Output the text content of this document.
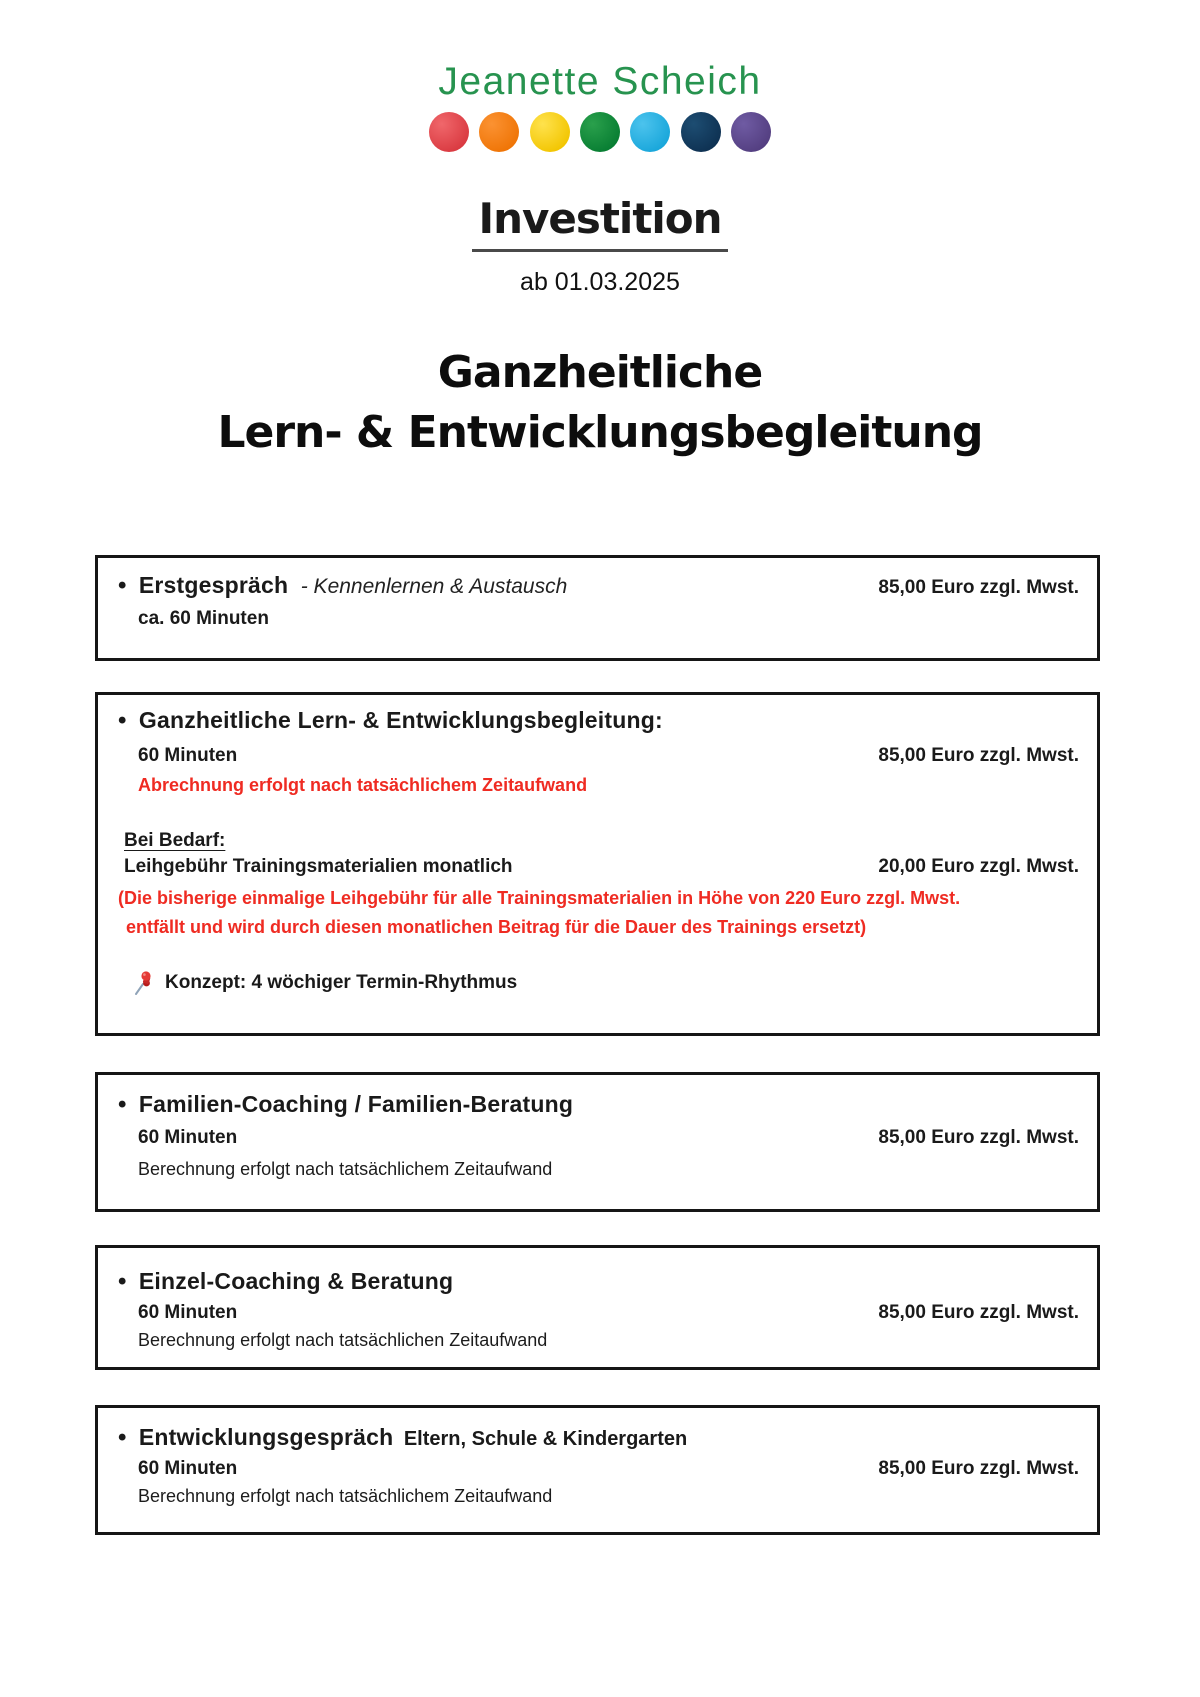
Jeanette Scheich

Investition
ab 01.03.2025
Ganzheitliche
Lern- & Entwicklungsbegleitung
• Erstgespräch - Kennenlernen & Austausch	85,00 Euro zzgl. Mwst.
ca. 60 Minuten
• Ganzheitliche Lern- & Entwicklungsbegleitung:
60 Minuten	85,00 Euro zzgl. Mwst.
Abrechnung erfolgt nach tatsächlichem Zeitaufwand
Bei Bedarf:
Leihgebühr Trainingsmaterialien monatlich	20,00 Euro zzgl. Mwst.
(Die bisherige einmalige Leihgebühr für alle Trainingsmaterialien in Höhe von 220 Euro zzgl. Mwst.
entfällt und wird durch diesen monatlichen Beitrag für die Dauer des Trainings ersetzt)
Konzept: 4 wöchiger Termin-Rhythmus
• Familien-Coaching / Familien-Beratung
60 Minuten	85,00 Euro zzgl. Mwst.
Berechnung erfolgt nach tatsächlichem Zeitaufwand
• Einzel-Coaching & Beratung
60 Minuten	85,00 Euro zzgl. Mwst.
Berechnung erfolgt nach tatsächlichen Zeitaufwand
• Entwicklungsgespräch Eltern, Schule & Kindergarten
60 Minuten	85,00 Euro zzgl. Mwst.
Berechnung erfolgt nach tatsächlichem Zeitaufwand
